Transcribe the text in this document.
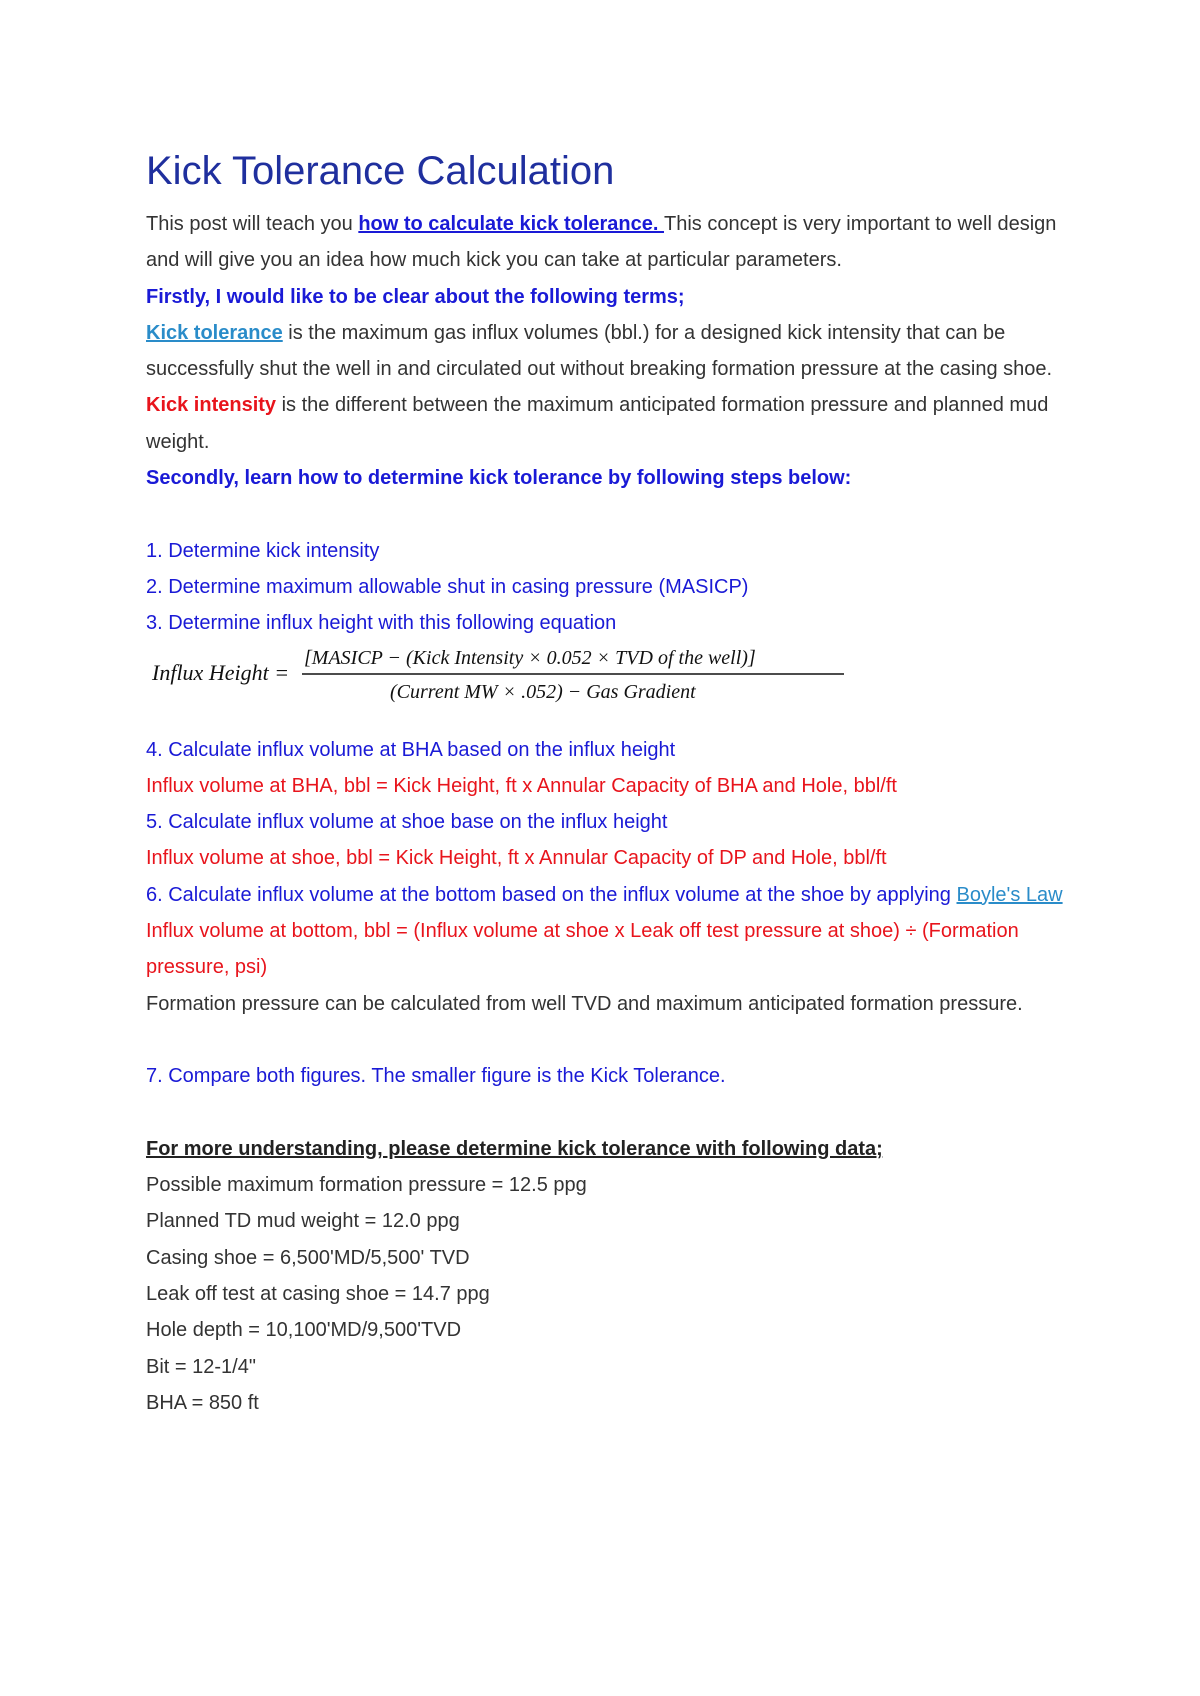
Kick Tolerance Calculation

This post will teach you how to calculate kick tolerance. This concept is very important to well design and will give you an idea how much kick you can take at particular parameters.

Firstly, I would like to be clear about the following terms;

Kick tolerance is the maximum gas influx volumes (bbl.) for a designed kick intensity that can be successfully shut the well in and circulated out without breaking formation pressure at the casing shoe.

Kick intensity is the different between the maximum anticipated formation pressure and planned mud weight.

Secondly, learn how to determine kick tolerance by following steps below:

1. Determine kick intensity

2. Determine maximum allowable shut in casing pressure (MASICP)

3. Determine influx height with this following equation

Influx Height =
[MASICP − (Kick Intensity × 0.052 × TVD of the well)]
(Current MW × .052) − Gas Gradient

4. Calculate influx volume at BHA based on the influx height

Influx volume at BHA, bbl = Kick Height, ft x Annular Capacity of BHA and Hole, bbl/ft

5. Calculate influx volume at shoe base on the influx height

Influx volume at shoe, bbl = Kick Height, ft x Annular Capacity of DP and Hole, bbl/ft

6. Calculate influx volume at the bottom based on the influx volume at the shoe by applying Boyle's Law

Influx volume at bottom, bbl = (Influx volume at shoe x Leak off test pressure at shoe) ÷ (Formation pressure, psi)

Formation pressure can be calculated from well TVD and maximum anticipated formation pressure.

7. Compare both figures. The smaller figure is the Kick Tolerance.

For more understanding, please determine kick tolerance with following data;

Possible maximum formation pressure = 12.5 ppg

Planned TD mud weight = 12.0 ppg

Casing shoe = 6,500'MD/5,500' TVD

Leak off test at casing shoe = 14.7 ppg

Hole depth = 10,100'MD/9,500'TVD

Bit = 12-1/4"

BHA = 850 ft
